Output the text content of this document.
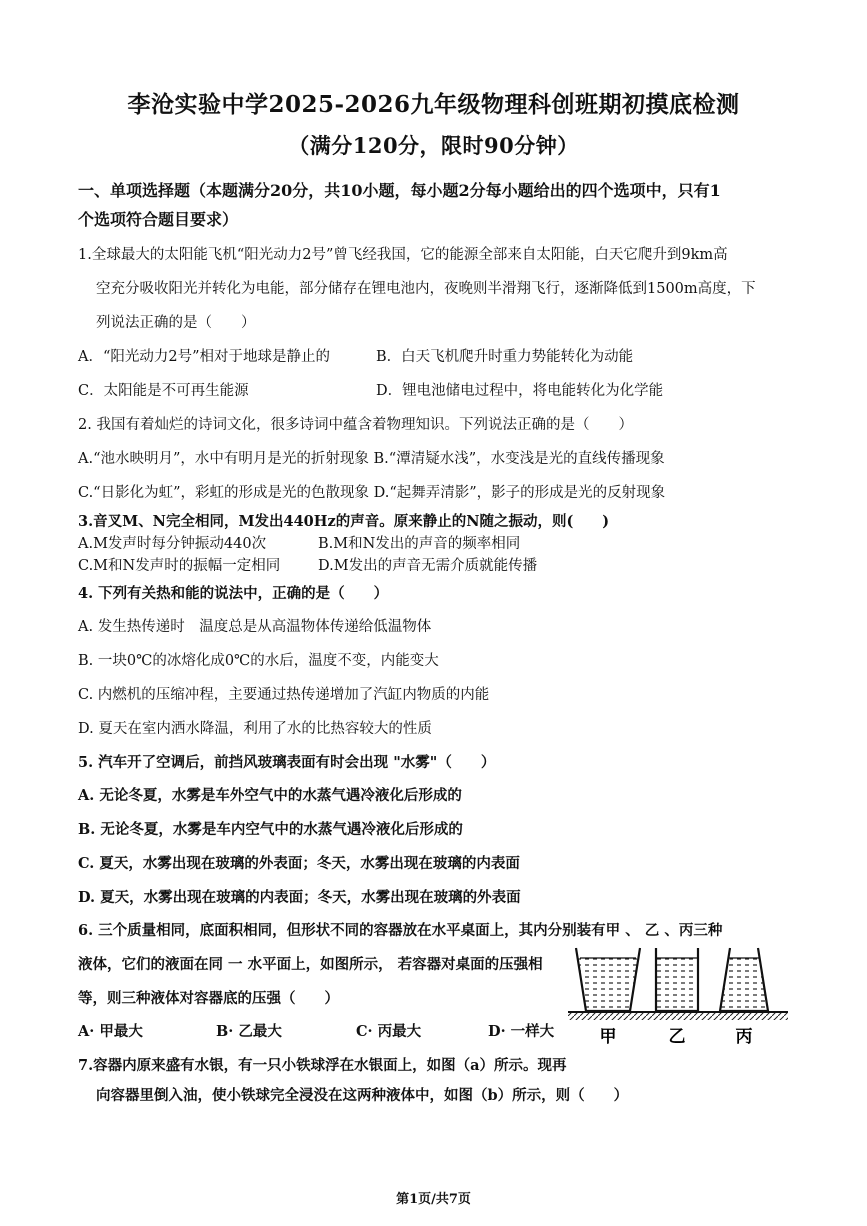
李沧实验中学2025-2026九年级物理科创班期初摸底检测
（满分120分，限时90分钟）
一、单项选择题（本题满分20分，共10小题，每小题2分每小题给出的四个选项中，只有1
个选项符合题目要求）
1.全球最大的太阳能飞机“阳光动力2号”曾飞经我国，它的能源全部来自太阳能，白天它爬升到9km高
空充分吸收阳光并转化为电能，部分储存在锂电池内，夜晚则半滑翔飞行，逐渐降低到1500m高度，下
列说法正确的是（　　）
A．“阳光动力2号”相对于地球是静止的	B．白天飞机爬升时重力势能转化为动能
C．太阳能是不可再生能源	D．锂电池储电过程中，将电能转化为化学能
2. 我国有着灿烂的诗词文化，很多诗词中蕴含着物理知识。下列说法正确的是（　　）
A.“池水映明月”，水中有明月是光的折射现象 B.“潭清疑水浅”，水变浅是光的直线传播现象
C.“日影化为虹”，彩虹的形成是光的色散现象 D.“起舞弄清影”，影子的形成是光的反射现象
3.音叉M、N完全相同，M发出440Hz的声音。原来静止的N随之振动，则(　　)
A.M发声时每分钟振动440次	B.M和N发出的声音的频率相同
C.M和N发声时的振幅一定相同	D.M发出的声音无需介质就能传播
4. 下列有关热和能的说法中，正确的是（　　）
A. 发生热传递时　温度总是从高温物体传递给低温物体
B. 一块0℃的冰熔化成0℃的水后，温度不变，内能变大
C. 内燃机的压缩冲程，主要通过热传递增加了汽缸内物质的内能
D. 夏天在室内洒水降温，利用了水的比热容较大的性质
5. 汽车开了空调后，前挡风玻璃表面有时会出现 "水雾"（　　）
A. 无论冬夏，水雾是车外空气中的水蒸气遇冷液化后形成的
B. 无论冬夏，水雾是车内空气中的水蒸气遇冷液化后形成的
C. 夏天，水雾出现在玻璃的外表面；冬天，水雾出现在玻璃的内表面
D. 夏天，水雾出现在玻璃的内表面；冬天，水雾出现在玻璃的外表面
6. 三个质量相同，底面积相同，但形状不同的容器放在水平桌面上，其内分别装有甲 、 乙 、丙三种
液体，它们的液面在同 一 水平面上，如图所示， 若容器对桌面的压强相
等，则三种液体对容器底的压强（　　）
A· 甲最大	B· 乙最大	C· 丙最大	D· 一样大	甲	乙	丙
7.容器内原来盛有水银，有一只小铁球浮在水银面上，如图（a）所示。现再
向容器里倒入油，使小铁球完全浸没在这两种液体中，如图（b）所示，则（　　）
第1页/共7页
